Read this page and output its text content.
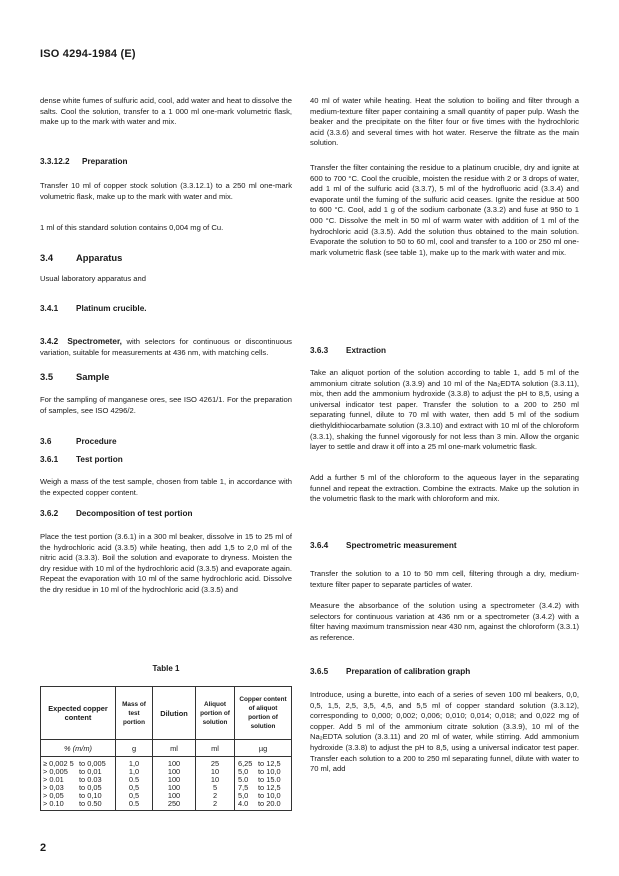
ISO 4294-1984 (E)
dense white fumes of sulfuric acid, cool, add water and heat to dissolve the salts. Cool the solution, transfer to a 1 000 ml one-mark volumetric flask, make up to the mark with water and mix.
3.3.12.2 Preparation
Transfer 10 ml of copper stock solution (3.3.12.1) to a 250 ml one-mark volumetric flask, make up to the mark with water and mix.
1 ml of this standard solution contains 0,004 mg of Cu.
3.4 Apparatus
Usual laboratory apparatus and
3.4.1 Platinum crucible.
3.4.2 Spectrometer, with selectors for continuous or discontinuous variation, suitable for measurements at 436 nm, with matching cells.
3.5 Sample
For the sampling of manganese ores, see ISO 4261/1. For the preparation of samples, see ISO 4296/2.
3.6	Procedure
3.6.1 Test portion
Weigh a mass of the test sample, chosen from table 1, in accordance with the expected copper content.
3.6.2 Decomposition of test portion
Place the test portion (3.6.1) in a 300 ml beaker, dissolve in 15 to 25 ml of the hydrochloric acid (3.3.5) while heating, then add 1,5 to 2,0 ml of the nitric acid (3.3.3). Boil the solution and evaporate to dryness. Moisten the dry residue with 10 ml of the hydrochloric acid (3.3.5) and evaporate again. Repeat the evaporation with 10 ml of the same hydrochloric acid. Dissolve the dry residue in 10 ml of the hydrochloric acid (3.3.5) and
Table 1
Expected copper content	Mass of test portion	Dilution	Aliquot portion of solution	Copper content of aliquot portion of solution
% (m/m)	g	ml	ml	µg
≥ 0,002 5 to 0,005	1,0	100	25	6,25 to 12,5
> 0,005 to 0,01	1,0	100	10	5,0 to 10,0
> 0.01 to 0.03	0.5	100	10	5.0 to 15.0
> 0,03 to 0,05	0,5	100	5	7,5 to 12,5
> 0,05 to 0,10	0,5	100	2	5,0 to 10,0
> 0.10 to 0.50	0.5	250	2	4.0 to 20.0
40 ml of water while heating. Heat the solution to boiling and filter through a medium-texture filter paper containing a small quantity of paper pulp. Wash the beaker and the precipitate on the filter four or five times with the hydrochloric acid (3.3.6) and several times with hot water. Reserve the filtrate as the main solution.
Transfer the filter containing the residue to a platinum crucible, dry and ignite at 600 to 700 °C. Cool the crucible, moisten the residue with 2 or 3 drops of water, add 1 ml of the sulfuric acid (3.3.7), 5 ml of the hydrofluoric acid (3.3.4) and evaporate until the fuming of the sulfuric acid ceases. Ignite the residue at 500 to 600 °C. Cool, add 1 g of the sodium carbonate (3.3.2) and fuse at 950 to 1 000 °C. Dissolve the melt in 50 ml of warm water with addition of 1 ml of the hydrochloric acid (3.3.5). Add the solution thus obtained to the main solution. Evaporate the solution to 50 to 60 ml, cool and transfer to a 100 or 250 ml one-mark volumetric flask (see table 1), make up to the mark with water and mix.
3.6.3 Extraction
Take an aliquot portion of the solution according to table 1, add 5 ml of the ammonium citrate solution (3.3.9) and 10 ml of the Na₂EDTA solution (3.3.11), mix, then add the ammonium hydroxide (3.3.8) to adjust the pH to 8,5, using a universal indicator test paper. Transfer the solution to a 200 to 250 ml separating funnel, dilute to 70 ml with water, then add 5 ml of the sodium diethyldithiocarbamate solution (3.3.10) and extract with 10 ml of the chloroform (3.3.1), shaking the funnel vigorously for not less than 3 min. Allow the organic layer to settle and draw it off into a 25 ml one-mark volumetric flask.
Add a further 5 ml of the chloroform to the aqueous layer in the separating funnel and repeat the extraction. Combine the extracts. Make up the solution in the volumetric flask to the mark with chloroform and mix.
3.6.4 Spectrometric measurement
Transfer the solution to a 10 to 50 mm cell, filtering through a dry, medium-texture filter paper to separate particles of water.
Measure the absorbance of the solution using a spectrometer (3.4.2) with selectors for continuous variation at 436 nm or a spectrometer (3.4.2) with a filter having maximum transmission near 430 nm, against the chloroform (3.3.1) as reference.
3.6.5 Preparation of calibration graph
Introduce, using a burette, into each of a series of seven 100 ml beakers, 0,0, 0,5, 1,5, 2,5, 3,5, 4,5, and 5,5 ml of copper standard solution (3.3.12), corresponding to 0,000; 0,002; 0,006; 0,010; 0,014; 0,018; and 0,022 mg of copper. Add 5 ml of the ammonium citrate solution (3.3.9), 10 ml of the Na₂EDTA solution (3.3.11) and 20 ml of water, while stirring. Add ammonium hydroxide (3.3.8) to adjust the pH to 8,5, using a universal indicator test paper. Transfer each solution to a 200 to 250 ml separating funnel, dilute with water to 70 ml, add
2
